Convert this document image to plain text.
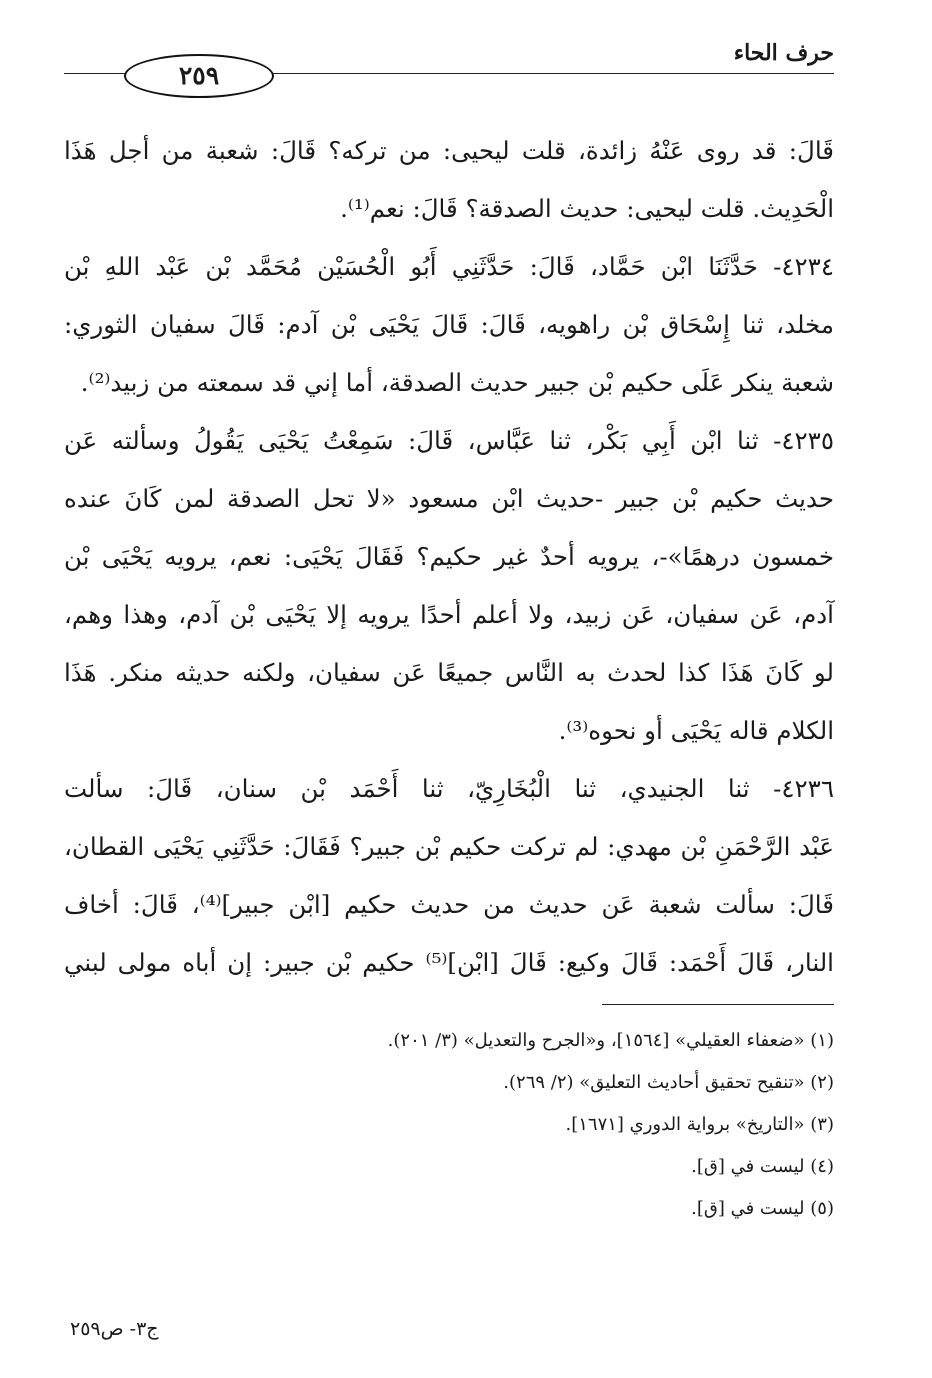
حرف الحاء
٢٥٩
قَالَ: قد روى عَنْهُ زائدة، قلت ليحيى: من تركه؟ قَالَ: شعبة من أجل هَذَا
الْحَدِيث. قلت ليحيى: حديث الصدقة؟ قَالَ: نعم⁽¹⁾.
٤٢٣٤- حَدَّثَنَا ابْن حَمَّاد، قَالَ: حَدَّثَنِي أَبُو الْحُسَيْن مُحَمَّد بْن عَبْد اللهِ بْن
مخلد، ثنا إِسْحَاق بْن راهويه، قَالَ: قَالَ يَحْيَى بْن آدم: قَالَ سفيان الثوري:
شعبة ينكر عَلَى حكيم بْن جبير حديث الصدقة، أما إني قد سمعته من زبيد⁽²⁾.
٤٢٣٥- ثنا ابْن أَبِي بَكْر، ثنا عَبَّاس، قَالَ: سَمِعْتُ يَحْيَى يَقُولُ وسألته عَن
حديث حكيم بْن جبير -حديث ابْن مسعود «لا تحل الصدقة لمن كَانَ عنده
خمسون درهمًا»-، يرويه أحدٌ غير حكيم؟ فَقَالَ يَحْيَى: نعم، يرويه يَحْيَى بْن
آدم، عَن سفيان، عَن زبيد، ولا أعلم أحدًا يرويه إلا يَحْيَى بْن آدم، وهذا وهم،
لو كَانَ هَذَا كذا لحدث به النَّاس جميعًا عَن سفيان، ولكنه حديثه منكر. هَذَا
الكلام قاله يَحْيَى أو نحوه⁽³⁾.
٤٢٣٦- ثنا الجنيدي، ثنا الْبُخَارِيّ، ثنا أَحْمَد بْن سنان، قَالَ: سألت
عَبْد الرَّحْمَنِ بْن مهدي: لم تركت حكيم بْن جبير؟ فَقَالَ: حَدَّثَنِي يَحْيَى القطان،
قَالَ: سألت شعبة عَن حديث من حديث حكيم [ابْن جبير]⁽⁴⁾، قَالَ: أخاف
النار، قَالَ أَحْمَد: قَالَ وكيع: قَالَ [ابْن]⁽⁵⁾ حكيم بْن جبير: إن أباه مولى لبني
(١) «ضعفاء العقيلي» [١٥٦٤]، و«الجرح والتعديل» (٣/ ٢٠١).
(٢) «تنقيح تحقيق أحاديث التعليق» (٢/ ٢٦٩).
(٣) «التاريخ» برواية الدوري [١٦٧١].
(٤) ليست في [ق].
(٥) ليست في [ق].
ج٣- ص٢٥٩
